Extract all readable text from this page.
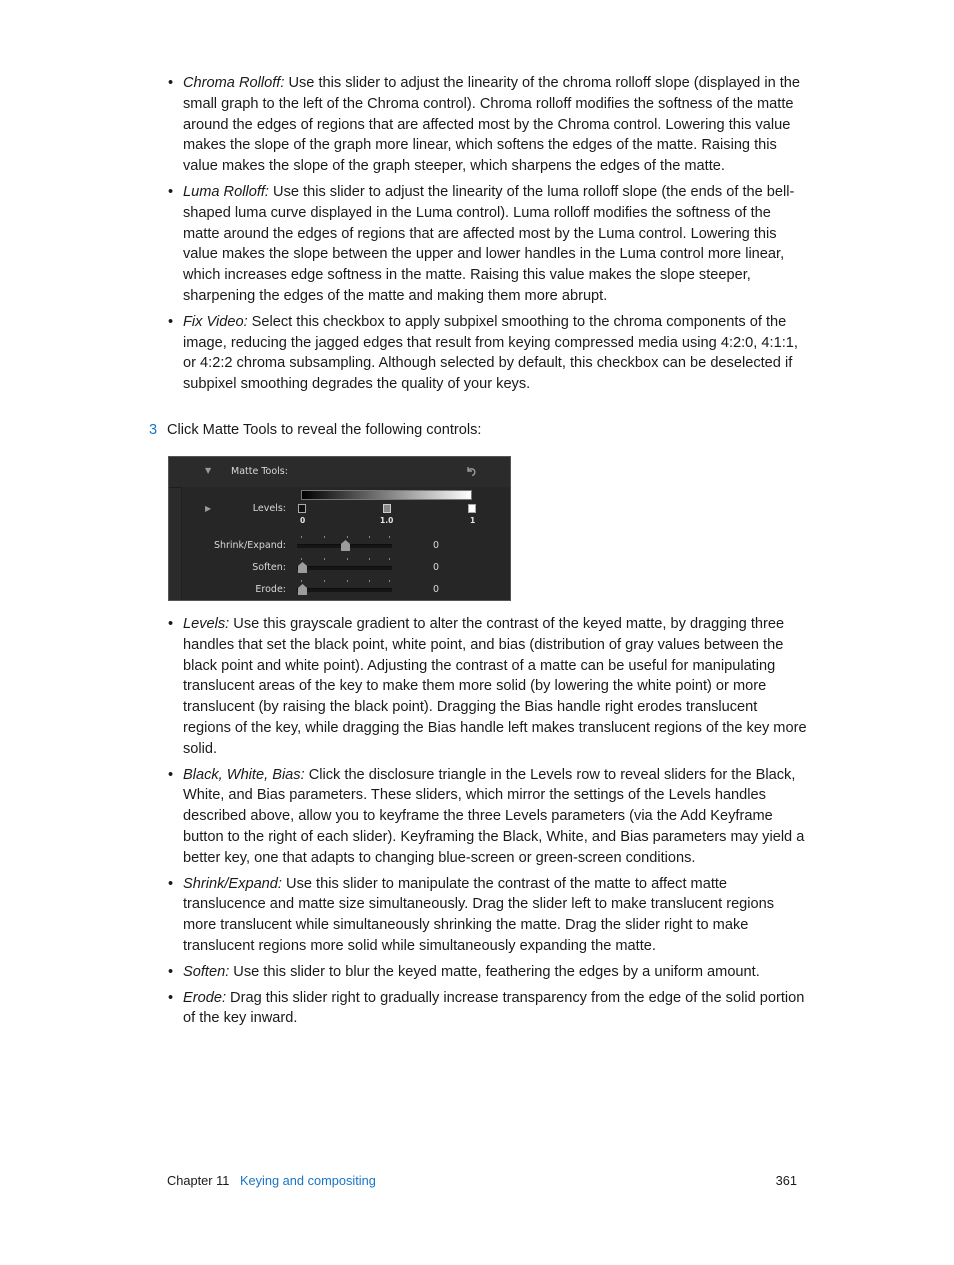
• Chroma Rolloff: Use this slider to adjust the linearity of the chroma rolloff slope (displayed in the small graph to the left of the Chroma control). Chroma rolloff modifies the softness of the matte around the edges of regions that are affected most by the Chroma control. Lowering this value makes the slope of the graph more linear, which softens the edges of the matte. Raising this value makes the slope of the graph steeper, which sharpens the edges of the matte.
• Luma Rolloff: Use this slider to adjust the linearity of the luma rolloff slope (the ends of the bell-shaped luma curve displayed in the Luma control). Luma rolloff modifies the softness of the matte around the edges of regions that are affected most by the Luma control. Lowering this value makes the slope between the upper and lower handles in the Luma control more linear, which increases edge softness in the matte. Raising this value makes the slope steeper, sharpening the edges of the matte and making them more abrupt.
• Fix Video: Select this checkbox to apply subpixel smoothing to the chroma components of the image, reducing the jagged edges that result from keying compressed media using 4:2:0, 4:1:1, or 4:2:2 chroma subsampling. Although selected by default, this checkbox can be deselected if subpixel smoothing degrades the quality of your keys.
3 Click Matte Tools to reveal the following controls:
▼ Matte Tools:
▶	Levels:
0	1.0	1
Shrink/Expand:	0
Soften:	0
Erode:	0
• Levels: Use this grayscale gradient to alter the contrast of the keyed matte, by dragging three handles that set the black point, white point, and bias (distribution of gray values between the black point and white point). Adjusting the contrast of a matte can be useful for manipulating translucent areas of the key to make them more solid (by lowering the white point) or more translucent (by raising the black point). Dragging the Bias handle right erodes translucent regions of the key, while dragging the Bias handle left makes translucent regions of the key more solid.
• Black, White, Bias: Click the disclosure triangle in the Levels row to reveal sliders for the Black, White, and Bias parameters. These sliders, which mirror the settings of the Levels handles described above, allow you to keyframe the three Levels parameters (via the Add Keyframe button to the right of each slider). Keyframing the Black, White, and Bias parameters may yield a better key, one that adapts to changing blue-screen or green-screen conditions.
• Shrink/Expand: Use this slider to manipulate the contrast of the matte to affect matte translucence and matte size simultaneously. Drag the slider left to make translucent regions more translucent while simultaneously shrinking the matte. Drag the slider right to make translucent regions more solid while simultaneously expanding the matte.
• Soften: Use this slider to blur the keyed matte, feathering the edges by a uniform amount.
• Erode: Drag this slider right to gradually increase transparency from the edge of the solid portion of the key inward.
Chapter 11 Keying and compositing	361
